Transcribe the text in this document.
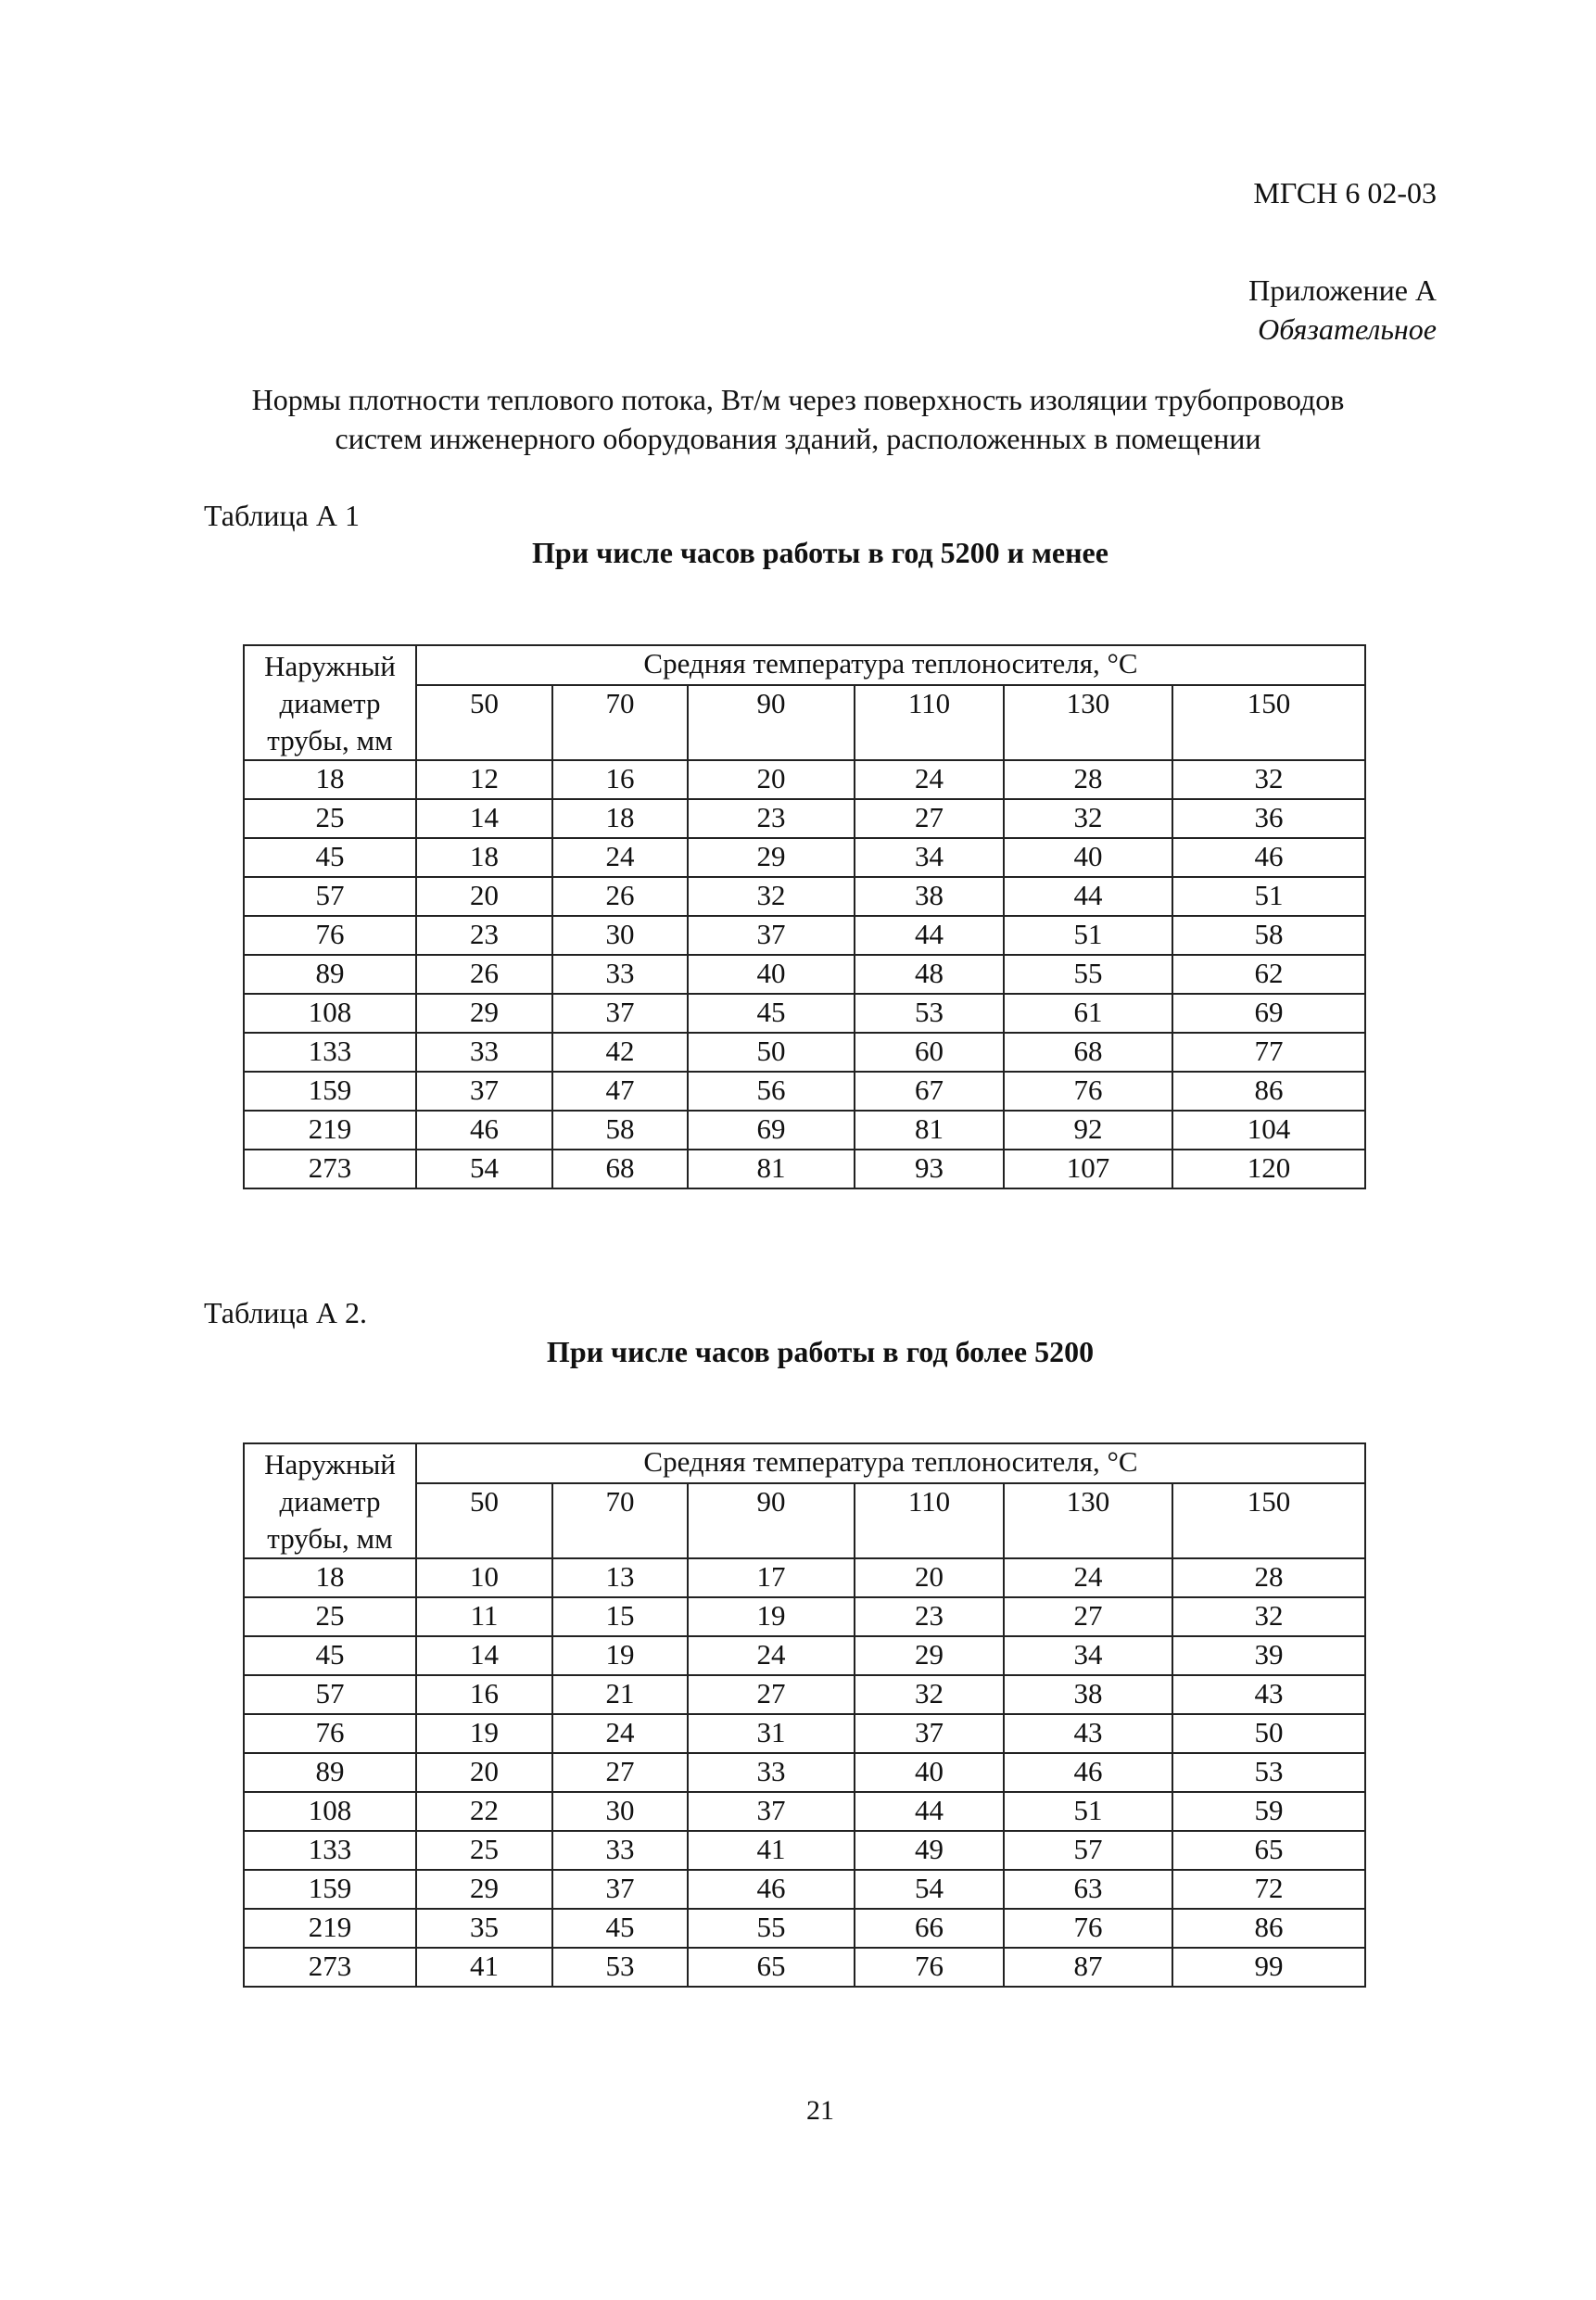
МГСН 6 02-03
Приложение А
Обязательное
Нормы плотности теплового потока, Вт/м через поверхность изоляции трубопроводов
систем инженерного оборудования зданий, расположенных в помещении
Таблица А 1
При числе часов работы в год 5200 и менее
Наружный
диаметр
трубы, мм	Средняя температура теплоносителя, °С					
	50	70	90	110	130	150
18	12	16	20	24	28	32
25	14	18	23	27	32	36
45	18	24	29	34	40	46
57	20	26	32	38	44	51
76	23	30	37	44	51	58
89	26	33	40	48	55	62
108	29	37	45	53	61	69
133	33	42	50	60	68	77
159	37	47	56	67	76	86
219	46	58	69	81	92	104
273	54	68	81	93	107	120
Таблица А 2.
При числе часов работы в год более 5200
Наружный
диаметр
трубы, мм	Средняя температура теплоносителя, °С					
	50	70	90	110	130	150
18	10	13	17	20	24	28
25	11	15	19	23	27	32
45	14	19	24	29	34	39
57	16	21	27	32	38	43
76	19	24	31	37	43	50
89	20	27	33	40	46	53
108	22	30	37	44	51	59
133	25	33	41	49	57	65
159	29	37	46	54	63	72
219	35	45	55	66	76	86
273	41	53	65	76	87	99
21
